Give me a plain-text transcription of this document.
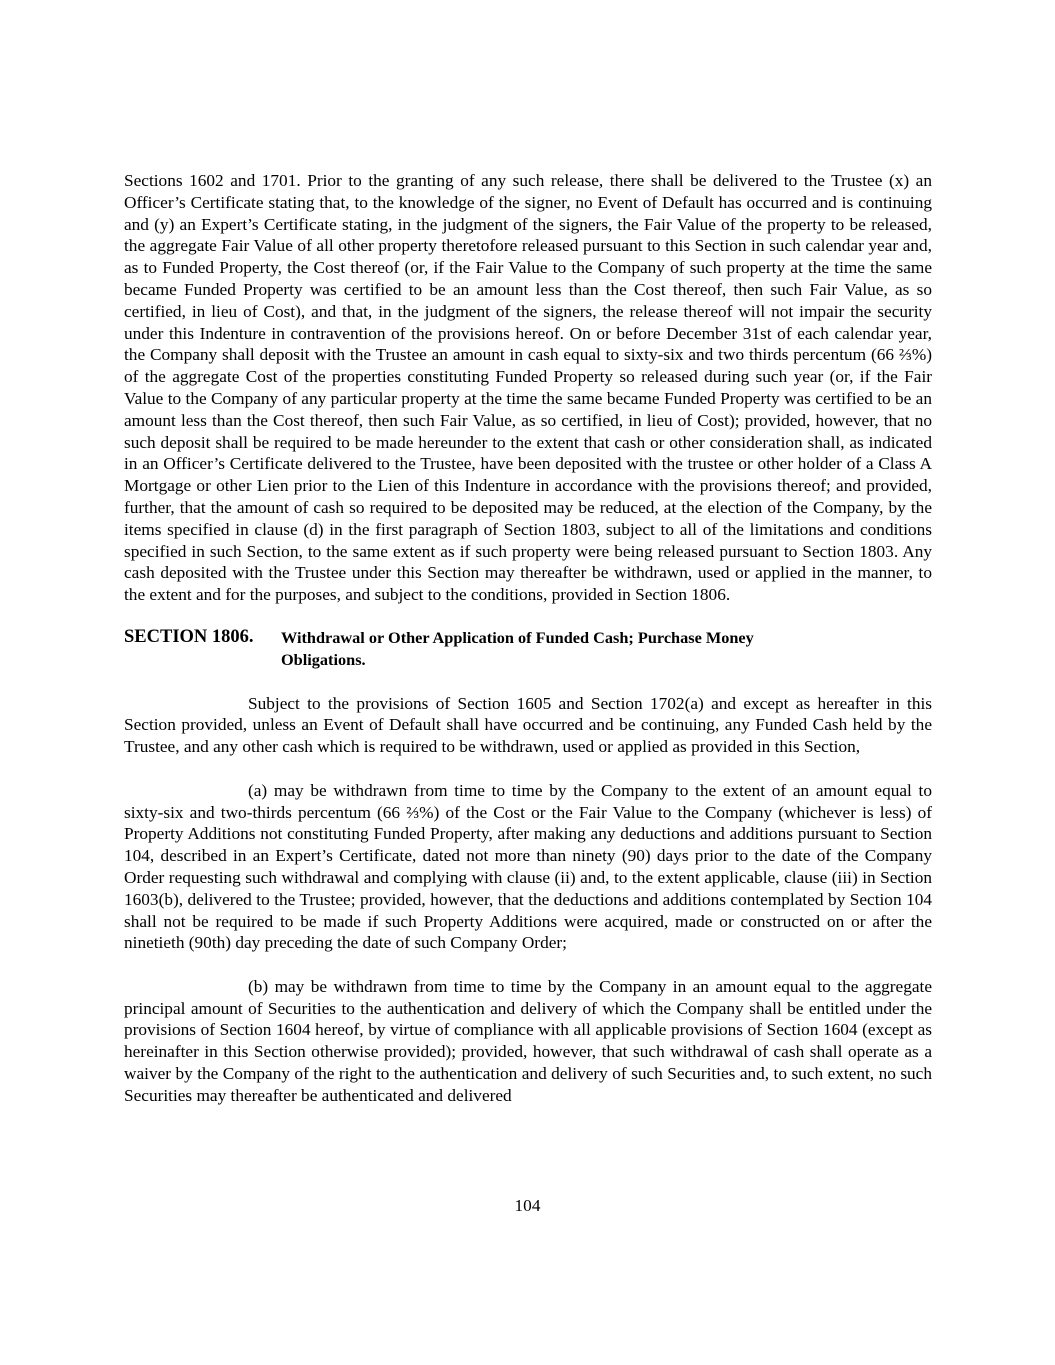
Sections 1602 and 1701. Prior to the granting of any such release, there shall be delivered to the Trustee (x) an Officer’s Certificate stating that, to the knowledge of the signer, no Event of Default has occurred and is continuing and (y) an Expert’s Certificate stating, in the judgment of the signers, the Fair Value of the property to be released, the aggregate Fair Value of all other property theretofore released pursuant to this Section in such calendar year and, as to Funded Property, the Cost thereof (or, if the Fair Value to the Company of such property at the time the same became Funded Property was certified to be an amount less than the Cost thereof, then such Fair Value, as so certified, in lieu of Cost), and that, in the judgment of the signers, the release thereof will not impair the security under this Indenture in contravention of the provisions hereof. On or before December 31st of each calendar year, the Company shall deposit with the Trustee an amount in cash equal to sixty-six and two thirds percentum (66 ⅔%) of the aggregate Cost of the properties constituting Funded Property so released during such year (or, if the Fair Value to the Company of any particular property at the time the same became Funded Property was certified to be an amount less than the Cost thereof, then such Fair Value, as so certified, in lieu of Cost); provided, however, that no such deposit shall be required to be made hereunder to the extent that cash or other consideration shall, as indicated in an Officer’s Certificate delivered to the Trustee, have been deposited with the trustee or other holder of a Class A Mortgage or other Lien prior to the Lien of this Indenture in accordance with the provisions thereof; and provided, further, that the amount of cash so required to be deposited may be reduced, at the election of the Company, by the items specified in clause (d) in the first paragraph of Section 1803, subject to all of the limitations and conditions specified in such Section, to the same extent as if such property were being released pursuant to Section 1803. Any cash deposited with the Trustee under this Section may thereafter be withdrawn, used or applied in the manner, to the extent and for the purposes, and subject to the conditions, provided in Section 1806.

SECTION 1806.	Withdrawal or Other Application of Funded Cash; Purchase Money Obligations.

Subject to the provisions of Section 1605 and Section 1702(a) and except as hereafter in this Section provided, unless an Event of Default shall have occurred and be continuing, any Funded Cash held by the Trustee, and any other cash which is required to be withdrawn, used or applied as provided in this Section,

(a) may be withdrawn from time to time by the Company to the extent of an amount equal to sixty-six and two-thirds percentum (66 ⅔%) of the Cost or the Fair Value to the Company (whichever is less) of Property Additions not constituting Funded Property, after making any deductions and additions pursuant to Section 104, described in an Expert’s Certificate, dated not more than ninety (90) days prior to the date of the Company Order requesting such withdrawal and complying with clause (ii) and, to the extent applicable, clause (iii) in Section 1603(b), delivered to the Trustee; provided, however, that the deductions and additions contemplated by Section 104 shall not be required to be made if such Property Additions were acquired, made or constructed on or after the ninetieth (90th) day preceding the date of such Company Order;

(b) may be withdrawn from time to time by the Company in an amount equal to the aggregate principal amount of Securities to the authentication and delivery of which the Company shall be entitled under the provisions of Section 1604 hereof, by virtue of compliance with all applicable provisions of Section 1604 (except as hereinafter in this Section otherwise provided); provided, however, that such withdrawal of cash shall operate as a waiver by the Company of the right to the authentication and delivery of such Securities and, to such extent, no such Securities may thereafter be authenticated and delivered

104
